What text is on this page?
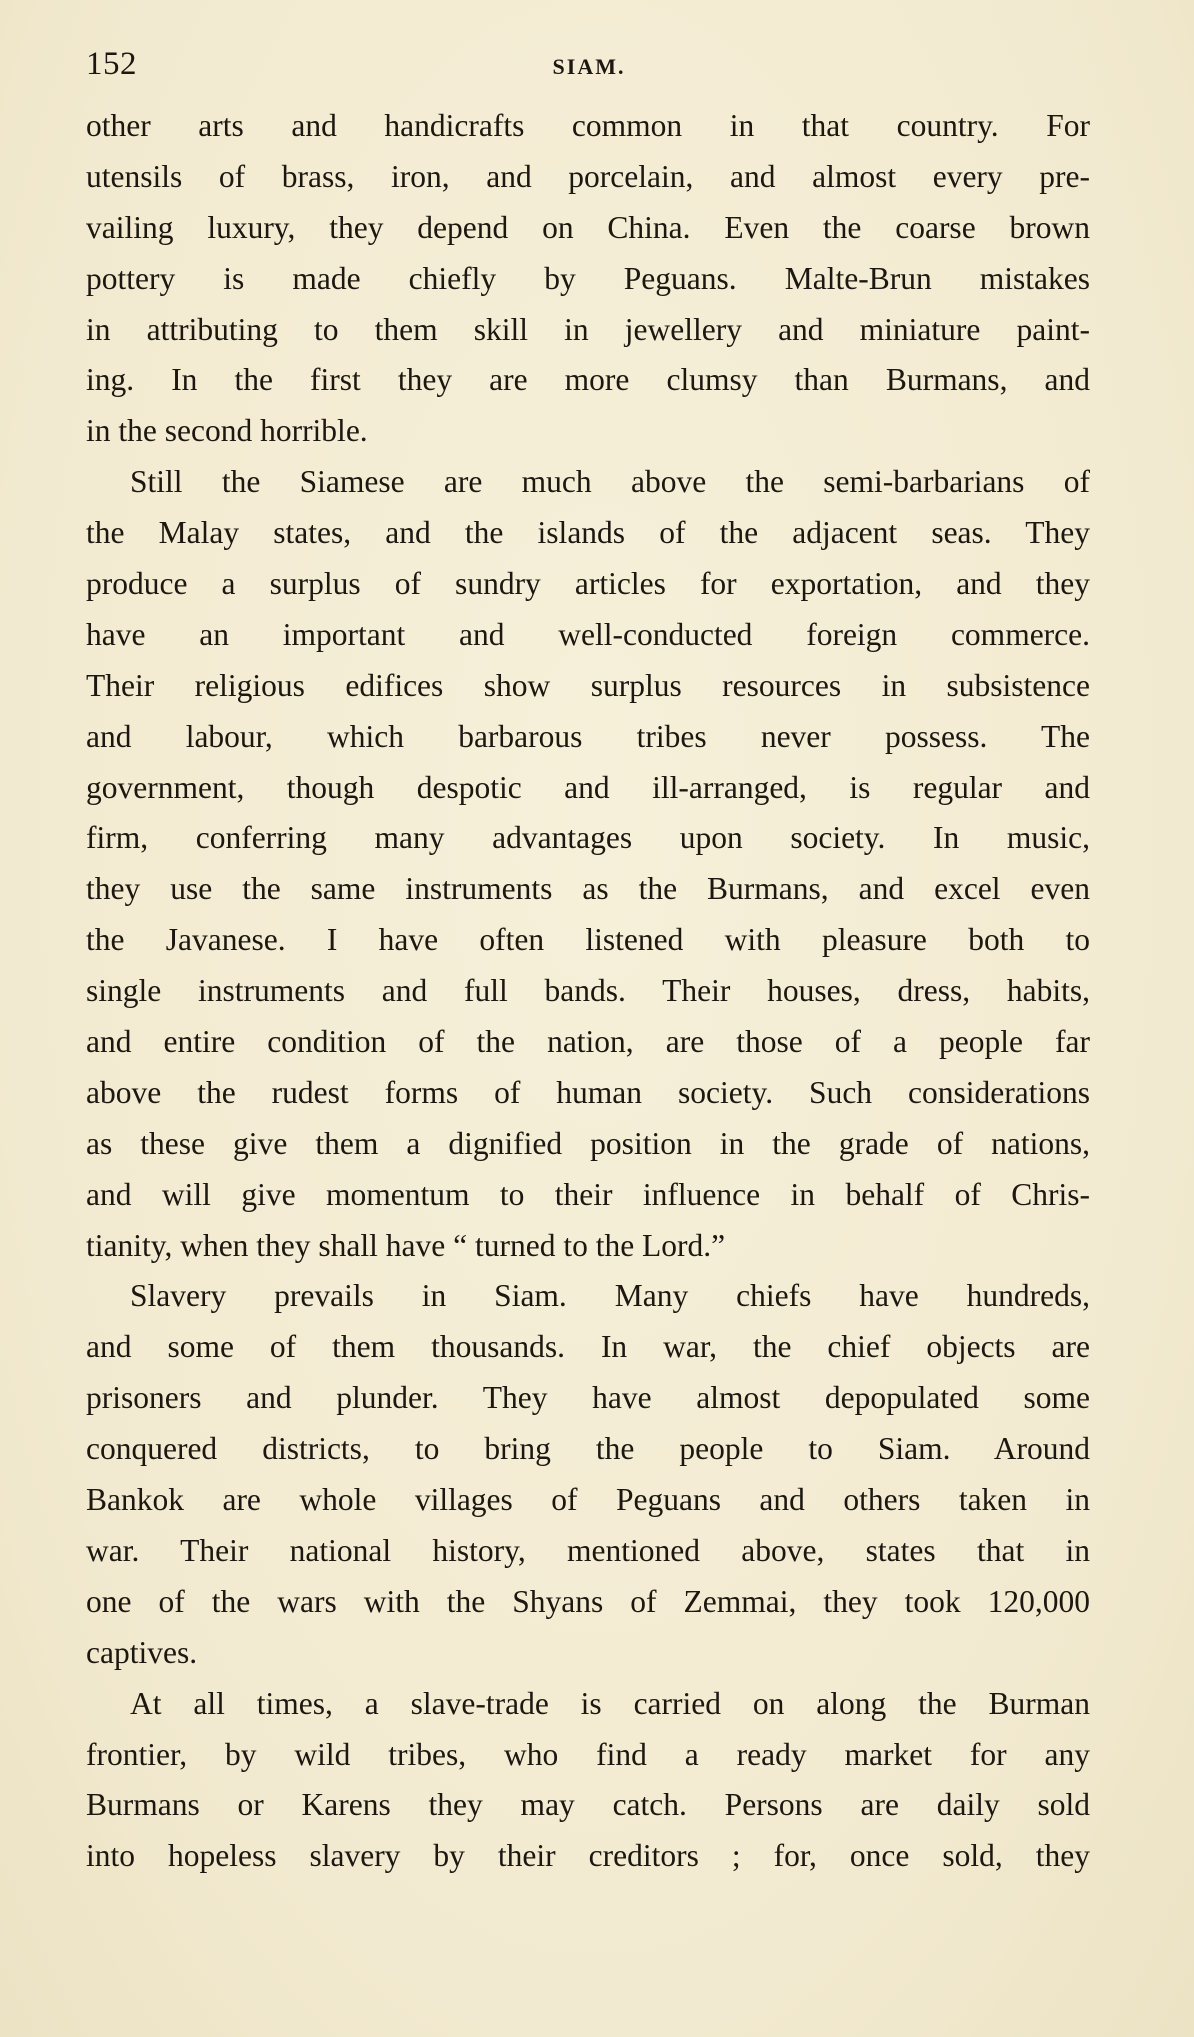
152	SIAM.
other arts and handicrafts common in that country. For
utensils of brass, iron, and porcelain, and almost every pre-
vailing luxury, they depend on China. Even the coarse brown
pottery is made chiefly by Peguans. Malte-Brun mistakes
in attributing to them skill in jewellery and miniature paint-
ing. In the first they are more clumsy than Burmans, and
in the second horrible.
Still the Siamese are much above the semi-barbarians of
the Malay states, and the islands of the adjacent seas. They
produce a surplus of sundry articles for exportation, and they
have an important and well-conducted foreign commerce.
Their religious edifices show surplus resources in subsistence
and labour, which barbarous tribes never possess. The
government, though despotic and ill-arranged, is regular and
firm, conferring many advantages upon society. In music,
they use the same instruments as the Burmans, and excel even
the Javanese. I have often listened with pleasure both to
single instruments and full bands. Their houses, dress, habits,
and entire condition of the nation, are those of a people far
above the rudest forms of human society. Such considerations
as these give them a dignified position in the grade of nations,
and will give momentum to their influence in behalf of Chris-
tianity, when they shall have “ turned to the Lord.”
Slavery prevails in Siam. Many chiefs have hundreds,
and some of them thousands. In war, the chief objects are
prisoners and plunder. They have almost depopulated some
conquered districts, to bring the people to Siam. Around
Bankok are whole villages of Peguans and others taken in
war. Their national history, mentioned above, states that in
one of the wars with the Shyans of Zemmai, they took 120,000
captives.
At all times, a slave-trade is carried on along the Burman
frontier, by wild tribes, who find a ready market for any
Burmans or Karens they may catch. Persons are daily sold
into hopeless slavery by their creditors ; for, once sold, they
